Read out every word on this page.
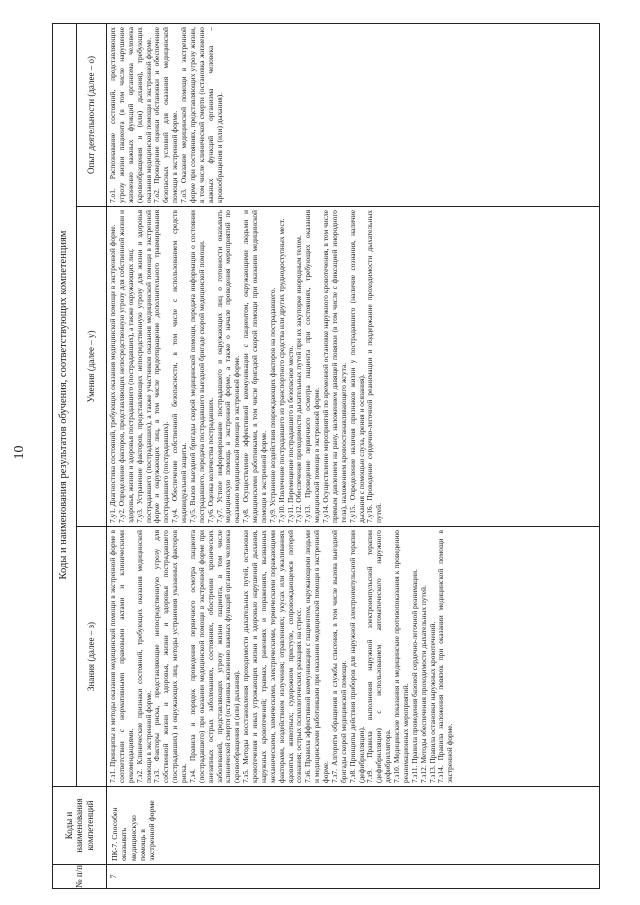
10
№ п/п
Коды и наименования компетенций
Коды и наименования результатов обучения, соответствующих компетенциям
Знания (далее – з)
Умения (далее – у)
Опыт деятельности (далее – о)
7
ПК-7. Способен оказывать медицинскую помощь в экстренной форме

7.з1. Принципы и методы оказания медицинской помощи в экстренной форме в соответствии с нормативными правовыми актами и клиническими рекомендациями. 7.з2. Клинические признаки состояний, требующих оказания медицинской помощи в экстренной форме. 7.з3. Факторы риска, представляющие непосредственную угрозу для собственной жизни и здоровья, жизни и здоровья пострадавшего (пострадавших) и окружающих лиц, методы устранения указанных факторов риска. 7.з4. Правила и порядок проведения первичного осмотра пациента (пострадавшего) при оказании медицинской помощи в экстренной форме при внезапных острых заболеваниях, состояниях, обострении хронических заболеваний, представляющих угрозу жизни пациента, в том числе клинической смерти (остановка жизненно важных функций организма человека (кровообращения и (или) дыхания). 7.з5. Методы восстановления проходимости дыхательных путей, остановки кровотечения и иных угрожающих жизни и здоровью нарушений дыхания, наружных кровотечений; травмах, ранениях и поражениях, вызванных механическими, химическими, электрическими, термическими поражающими факторами, воздействием излучения; отравлениях; укусах или ужаливаниях ядовитых животных; судорожном приступе, сопровождающемся потерей сознания; острых психологических реакциях на стресс. 7.з6. Правила эффективной коммуникации с пациентом, окружающими людьми и медицинскими работниками при оказании медицинской помощи в экстренной форме. 7.з7. Алгоритм обращения в службы спасения, в том числе вызова выездной бригады скорой медицинской помощи. 7.з8. Принципы действия приборов для наружной электроимпульсной терапии (дефибрилляции). 7.з9. Правила выполнения наружной электроимпульсной терапии (дефибрилляции) с использованием автоматического наружного дефибриллятора. 7.з10. Медицинские показания и медицинские противопоказания к проведению реанимационных мероприятий. 7.з11. Правила проведения базовой сердечно-легочной реанимации. 7.з12. Методы обеспечения проходимости дыхательных путей. 7.з13. Правила остановки наружных кровотечений. 7.з14. Правила наложения повязок при оказании медицинской помощи в экстренной форме.

7.у1. Диагностика состояний, требующих оказания медицинской помощи в экстренной форме. 7.у2. Определение факторов, представляющих непосредственную угрозу для собственной жизни и здоровья, жизни и здоровья пострадавшего (пострадавших), а также окружающих лиц. 7.у3. Устранение факторов, представляющих непосредственную угрозу для жизни и здоровья пострадавшего (пострадавших), а также участников оказания медицинской помощи в экстренной форме и окружающих лиц, в том числе предотвращение дополнительного травмирования пострадавшего (пострадавших). 7.у4. Обеспечение собственной безопасности, в том числе с использованием средств индивидуальной защиты. 7.у5. Вызов выездной бригады скорой медицинской помощи, передача информации о состоянии пострадавшего, передача пострадавшего выездной бригаде скорой медицинской помощи. 7.у6. Оценка количества пострадавших. 7.у7. Устное информирование пострадавшего и окружающих лиц о готовности оказывать медицинскую помощь в экстренной форме, а также о начале проведения мероприятий по оказанию медицинской помощи в экстренной форме. 7.у8. Осуществление эффективной коммуникации с пациентом, окружающими людьми и медицинскими работниками, в том числе бригадой скорой помощи при оказании медицинской помощи в экстренной форме. 7.у9. Устранение воздействия повреждающих факторов на пострадавшего. 7.у10. Извлечение пострадавшего из транспортного средства или других труднодоступных мест. 7.у11. Перемещение пострадавшего в безопасное место. 7.у12. Обеспечение проходимости дыхательных путей при их закупорке инородным телом. 7.у13. Проведение первичного осмотра пациента при состояниях, требующих оказания медицинской помощи в экстренной форме. 7.у14. Осуществление мероприятий по временной остановке наружного кровотечения, в том числе прямым давлением на рану, наложением давящей повязки (в том числе с фиксацией инородного тела), наложением кровоостанавливающего жгута. 7.у15. Определение наличия признаков жизни у пострадавшего (наличие сознания, наличие дыхания с помощью слуха, зрения и осязания). 7.у16. Проведение сердечно-легочной реанимации и поддержание проходимости дыхательных путей.

7.о1. Распознавание состояний, представляющих угрозу жизни пациента (в том числе нарушение жизненно важных функций организма человека (кровообращения и (или) дыхания), требующих оказания медицинской помощи в экстренной форме. 7.о2. Проведение оценки обстановки и обеспечение безопасных условий для оказания медицинской помощи в экстренной форме. 7.о3. Оказание медицинской помощи в экстренной форме при состояниях, представляющих угрозу жизни, в том числе клинической смерти (остановка жизненно важных функций организма человека – кровообращения и (или) дыхания).
